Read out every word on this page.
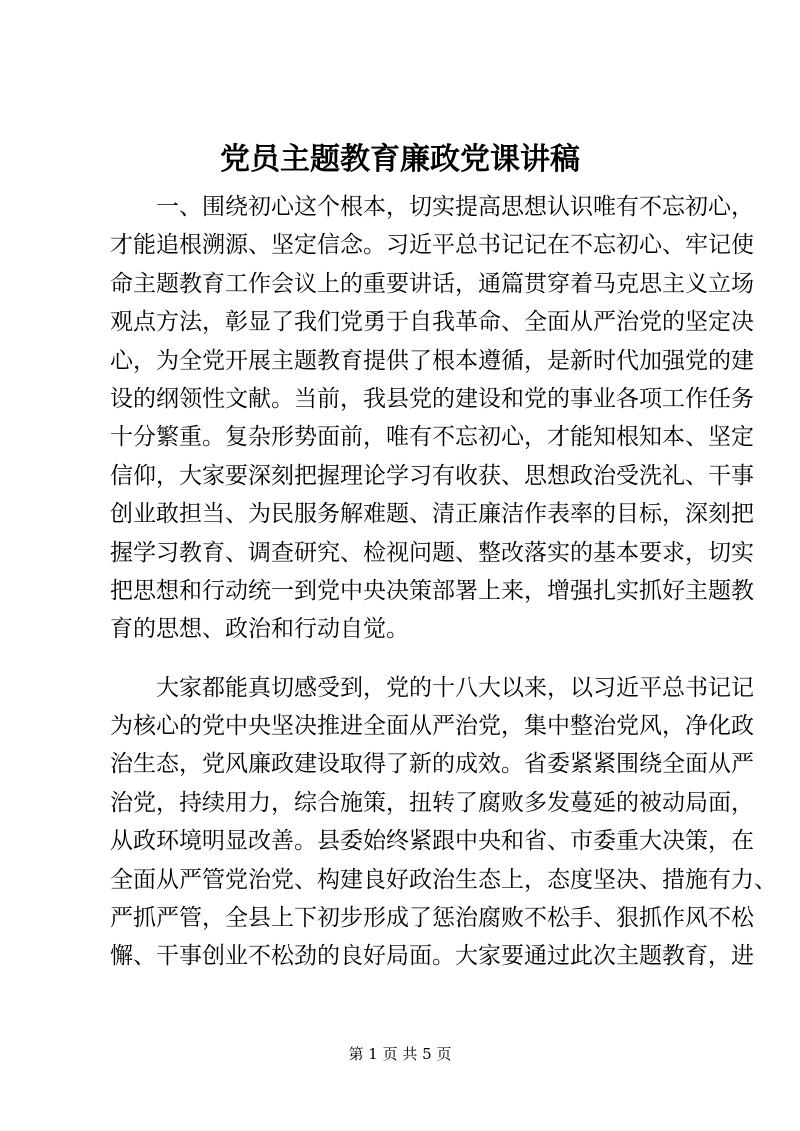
党员主题教育廉政党课讲稿

　　一、围绕初心这个根本，切实提高思想认识唯有不忘初心，
才能追根溯源、坚定信念。习近平总书记记在不忘初心、牢记使
命主题教育工作会议上的重要讲话，通篇贯穿着马克思主义立场
观点方法，彰显了我们党勇于自我革命、全面从严治党的坚定决
心，为全党开展主题教育提供了根本遵循，是新时代加强党的建
设的纲领性文献。当前，我县党的建设和党的事业各项工作任务
十分繁重。复杂形势面前，唯有不忘初心，才能知根知本、坚定
信仰，大家要深刻把握理论学习有收获、思想政治受洗礼、干事
创业敢担当、为民服务解难题、清正廉洁作表率的目标，深刻把
握学习教育、调查研究、检视问题、整改落实的基本要求，切实
把思想和行动统一到党中央决策部署上来，增强扎实抓好主题教
育的思想、政治和行动自觉。

　　大家都能真切感受到，党的十八大以来，以习近平总书记记
为核心的党中央坚决推进全面从严治党，集中整治党风，净化政
治生态，党风廉政建设取得了新的成效。省委紧紧围绕全面从严
治党，持续用力，综合施策，扭转了腐败多发蔓延的被动局面，
从政环境明显改善。县委始终紧跟中央和省、市委重大决策，在
全面从严管党治党、构建良好政治生态上，态度坚决、措施有力、
严抓严管，全县上下初步形成了惩治腐败不松手、狠抓作风不松
懈、干事创业不松劲的良好局面。大家要通过此次主题教育，进

第 1 页 共 5 页
